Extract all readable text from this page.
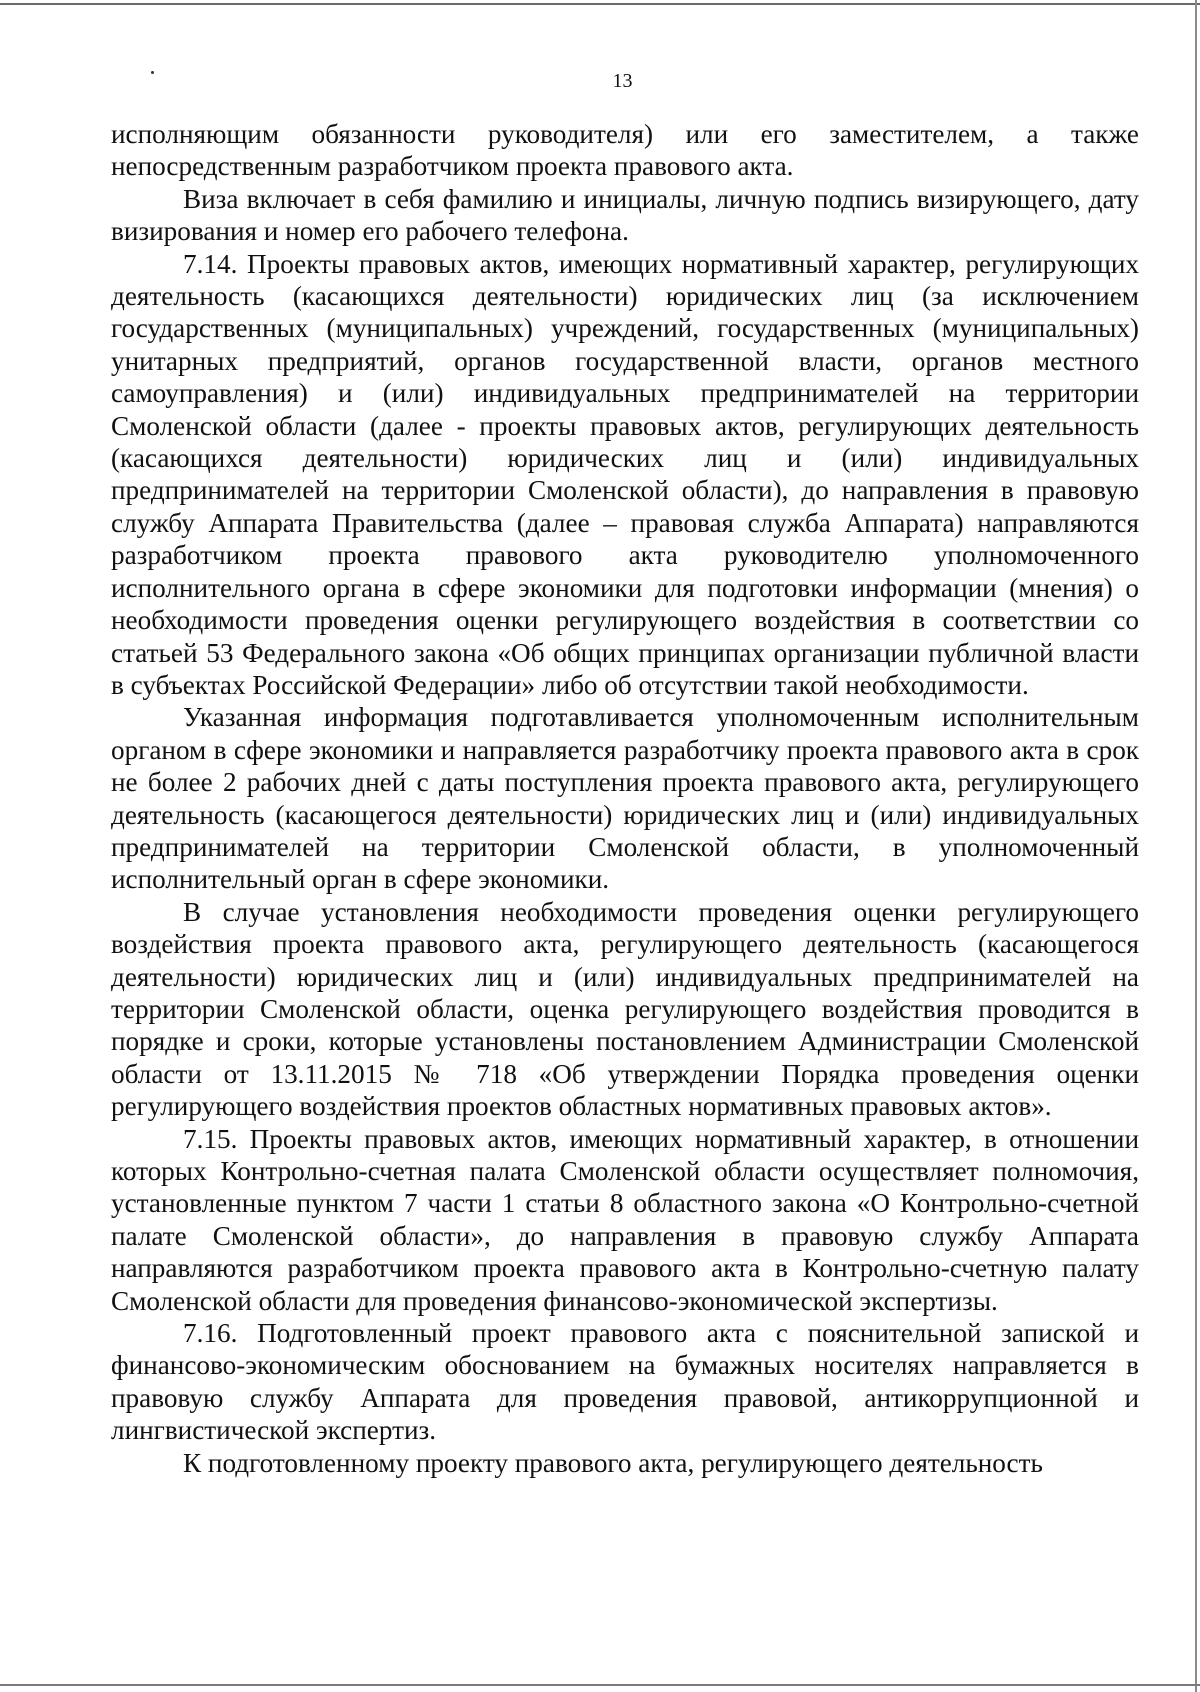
13

исполняющим обязанности руководителя) или его заместителем, а также непосредственным разработчиком проекта правового акта.

Виза включает в себя фамилию и инициалы, личную подпись визирующего, дату визирования и номер его рабочего телефона.

7.14. Проекты правовых актов, имеющих нормативный характер, регулирующих деятельность (касающихся деятельности) юридических лиц (за исключением государственных (муниципальных) учреждений, государственных (муниципальных) унитарных предприятий, органов государственной власти, органов местного самоуправления) и (или) индивидуальных предпринимателей на территории Смоленской области (далее - проекты правовых актов, регулирующих деятельность (касающихся деятельности) юридических лиц и (или) индивидуальных предпринимателей на территории Смоленской области), до направления в правовую службу Аппарата Правительства (далее – правовая служба Аппарата) направляются разработчиком проекта правового акта руководителю уполномоченного исполнительного органа в сфере экономики для подготовки информации (мнения) о необходимости проведения оценки регулирующего воздействия в соответствии со статьей 53 Федерального закона «Об общих принципах организации публичной власти в субъектах Российской Федерации» либо об отсутствии такой необходимости.

Указанная информация подготавливается уполномоченным исполнительным органом в сфере экономики и направляется разработчику проекта правового акта в срок не более 2 рабочих дней с даты поступления проекта правового акта, регулирующего деятельность (касающегося деятельности) юридических лиц и (или) индивидуальных предпринимателей на территории Смоленской области, в уполномоченный исполнительный орган в сфере экономики.

В случае установления необходимости проведения оценки регулирующего воздействия проекта правового акта, регулирующего деятельность (касающегося деятельности) юридических лиц и (или) индивидуальных предпринимателей на территории Смоленской области, оценка регулирующего воздействия проводится в порядке и сроки, которые установлены постановлением Администрации Смоленской области от 13.11.2015 № 718 «Об утверждении Порядка проведения оценки регулирующего воздействия проектов областных нормативных правовых актов».

7.15. Проекты правовых актов, имеющих нормативный характер, в отношении которых Контрольно-счетная палата Смоленской области осуществляет полномочия, установленные пунктом 7 части 1 статьи 8 областного закона «О Контрольно-счетной палате Смоленской области», до направления в правовую службу Аппарата направляются разработчиком проекта правового акта в Контрольно-счетную палату Смоленской области для проведения финансово-экономической экспертизы.

7.16. Подготовленный проект правового акта с пояснительной запиской и финансово-экономическим обоснованием на бумажных носителях направляется в правовую службу Аппарата для проведения правовой, антикоррупционной и лингвистической экспертиз.

К подготовленному проекту правового акта, регулирующего деятельность
